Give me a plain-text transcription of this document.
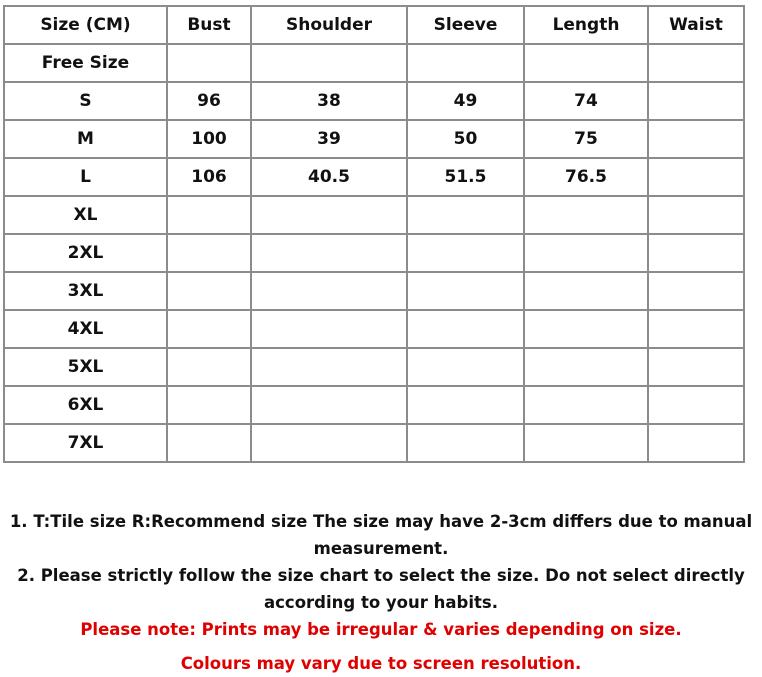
Size (CM)	Bust	Shoulder	Sleeve	Length	Waist
Free Size					
S	96	38	49	74	
M	100	39	50	75	
L	106	40.5	51.5	76.5	
XL					
2XL					
3XL					
4XL					
5XL					
6XL					
7XL					

1. T:Tile size R:Recommend size The size may have 2-3cm differs due to manual

measurement.

2. Please strictly follow the size chart to select the size. Do not select directly

according to your habits.

Please note: Prints may be irregular & varies depending on size.

Colours may vary due to screen resolution.
